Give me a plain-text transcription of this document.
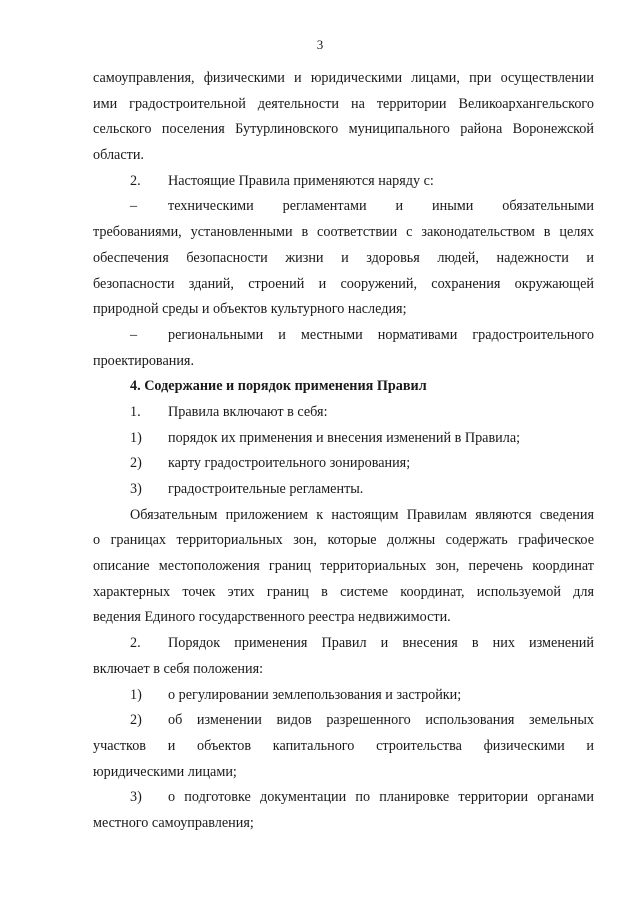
3
самоуправления, физическими и юридическими лицами, при осуществлении
ими градостроительной деятельности на территории Великоархангельского
сельского поселения Бутурлиновского муниципального района Воронежской
области.
2. Настоящие Правила применяются наряду с:
– техническими регламентами и иными обязательными
требованиями, установленными в соответствии с законодательством в целях
обеспечения безопасности жизни и здоровья людей, надежности и
безопасности зданий, строений и сооружений, сохранения окружающей
природной среды и объектов культурного наследия;
– региональными и местными нормативами градостроительного
проектирования.
4. Содержание и порядок применения Правил
1. Правила включают в себя:
1) порядок их применения и внесения изменений в Правила;
2) карту градостроительного зонирования;
3) градостроительные регламенты.
Обязательным приложением к настоящим Правилам являются сведения
о границах территориальных зон, которые должны содержать графическое
описание местоположения границ территориальных зон, перечень координат
характерных точек этих границ в системе координат, используемой для
ведения Единого государственного реестра недвижимости.
2. Порядок применения Правил и внесения в них изменений
включает в себя положения:
1) о регулировании землепользования и застройки;
2) об изменении видов разрешенного использования земельных
участков и объектов капитального строительства физическими и
юридическими лицами;
3) о подготовке документации по планировке территории органами
местного самоуправления;
